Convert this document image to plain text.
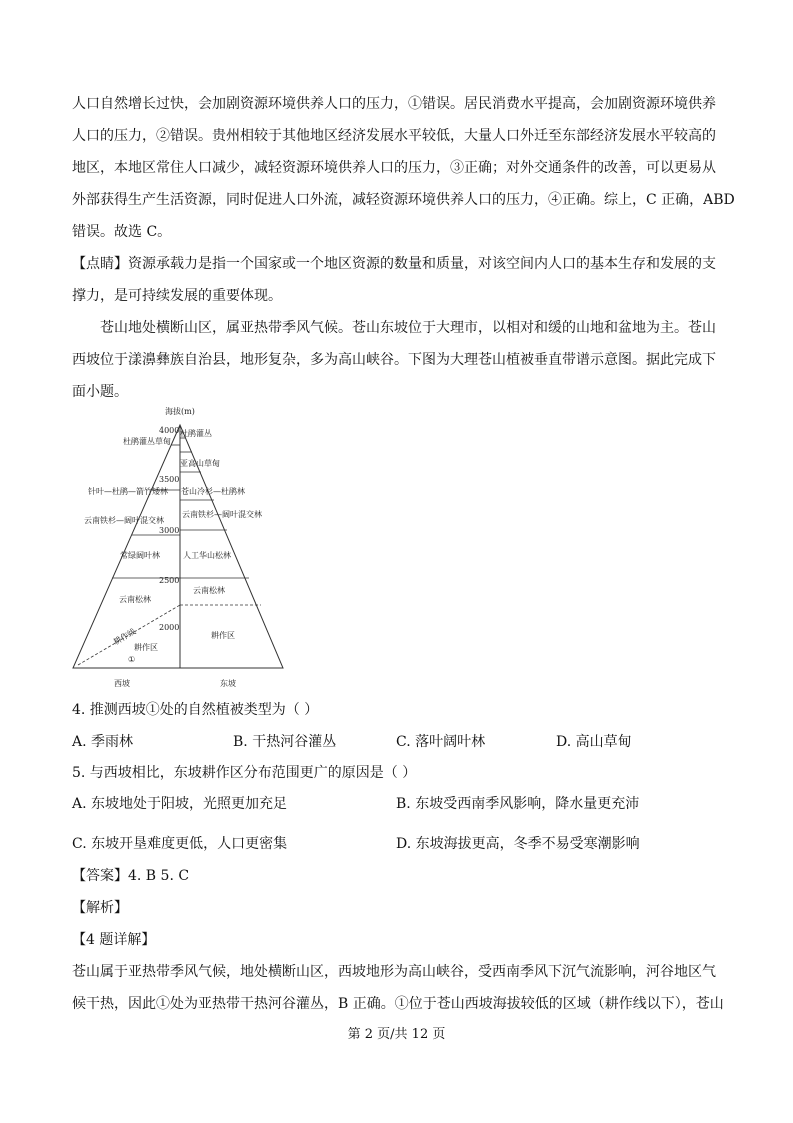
人口自然增长过快，会加剧资源环境供养人口的压力，①错误。居民消费水平提高，会加剧资源环境供养
人口的压力，②错误。贵州相较于其他地区经济发展水平较低，大量人口外迁至东部经济发展水平较高的
地区，本地区常住人口减少，减轻资源环境供养人口的压力，③正确；对外交通条件的改善，可以更易从
外部获得生产生活资源，同时促进人口外流，减轻资源环境供养人口的压力，④正确。综上，C 正确，ABD
错误。故选 C。
【点睛】资源承载力是指一个国家或一个地区资源的数量和质量，对该空间内人口的基本生存和发展的支
撑力，是可持续发展的重要体现。
苍山地处横断山区，属亚热带季风气候。苍山东坡位于大理市，以相对和缓的山地和盆地为主。苍山
西坡位于漾濞彝族自治县，地形复杂，多为高山峡谷。下图为大理苍山植被垂直带谱示意图。据此完成下
面小题。
海拔(m)
4000
3500
3000
2500
2000
杜鹃灌丛草甸
针叶—杜鹃—箭竹矮林
云南铁杉—阔叶混交林
常绿阔叶林
云南松林
耕作线
耕作区
①
杜鹃灌丛
亚高山草甸
苍山冷杉—杜鹃林
云南铁杉—阔叶混交林
人工华山松林
云南松林
耕作区
西坡	东坡
4. 推测西坡①处的自然植被类型为（ ）
A. 季雨林	B. 干热河谷灌丛	C. 落叶阔叶林	D. 高山草甸
5. 与西坡相比，东坡耕作区分布范围更广的原因是（ ）
A. 东坡地处于阳坡，光照更加充足	B. 东坡受西南季风影响，降水量更充沛
C. 东坡开垦难度更低，人口更密集	D. 东坡海拔更高，冬季不易受寒潮影响
【答案】4. B 5. C
【解析】
【4 题详解】
苍山属于亚热带季风气候，地处横断山区，西坡地形为高山峡谷，受西南季风下沉气流影响，河谷地区气
候干热，因此①处为亚热带干热河谷灌丛，B 正确。①位于苍山西坡海拔较低的区域（耕作线以下），苍山
第 2 页/共 12 页
